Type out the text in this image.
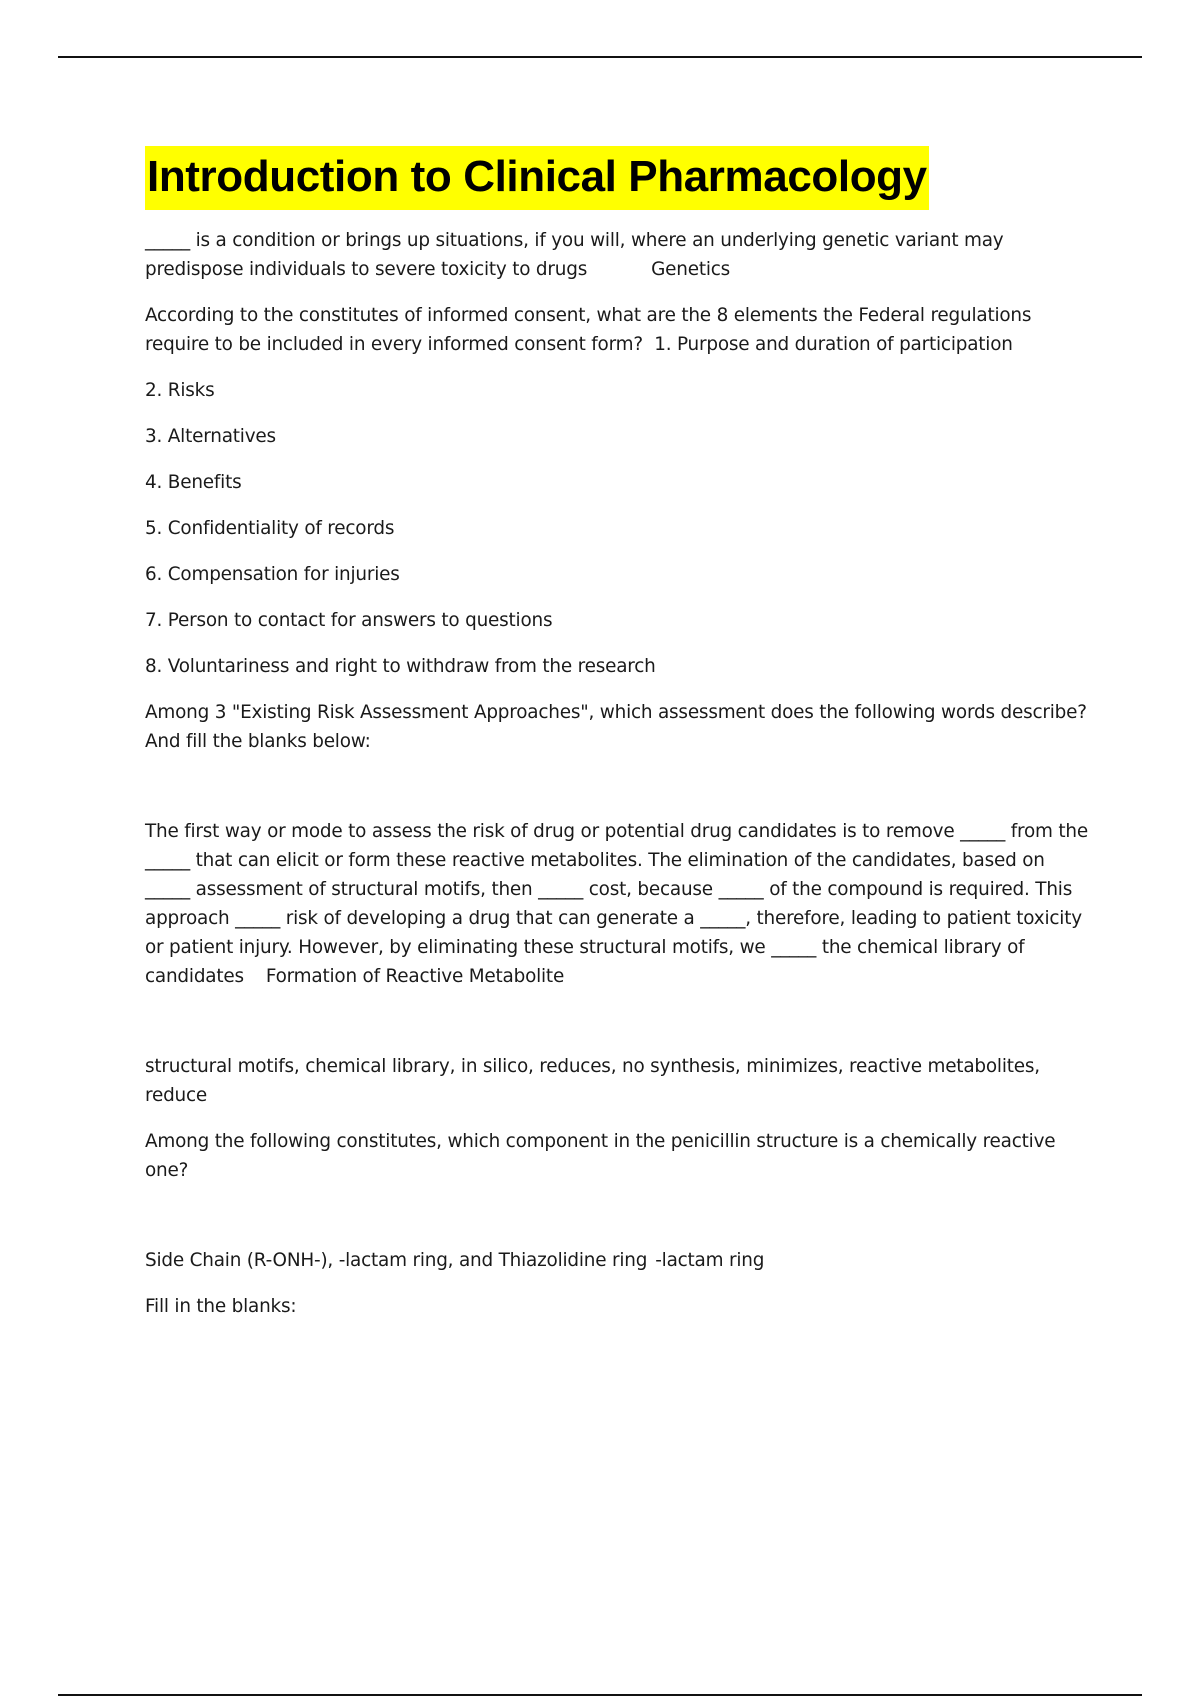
Introduction to Clinical Pharmacology

_____ is a condition or brings up situations, if you will, where an underlying genetic variant may predispose individuals to severe toxicity to drugs	Genetics

According to the constitutes of informed consent, what are the 8 elements the Federal regulations require to be included in every informed consent form? 1. Purpose and duration of participation

2. Risks

3. Alternatives

4. Benefits

5. Confidentiality of records

6. Compensation for injuries

7. Person to contact for answers to questions

8. Voluntariness and right to withdraw from the research

Among 3 "Existing Risk Assessment Approaches", which assessment does the following words describe? And fill the blanks below:

The first way or mode to assess the risk of drug or potential drug candidates is to remove _____ from the _____ that can elicit or form these reactive metabolites. The elimination of the candidates, based on _____ assessment of structural motifs, then _____ cost, because _____ of the compound is required. This approach _____ risk of developing a drug that can generate a _____, therefore, leading to patient toxicity or patient injury. However, by eliminating these structural motifs, we _____ the chemical library of candidates Formation of Reactive Metabolite

structural motifs, chemical library, in silico, reduces, no synthesis, minimizes, reactive metabolites, reduce

Among the following constitutes, which component in the penicillin structure is a chemically reactive one?

Side Chain (R-ONH-), -lactam ring, and Thiazolidine ring -lactam ring

Fill in the blanks:
